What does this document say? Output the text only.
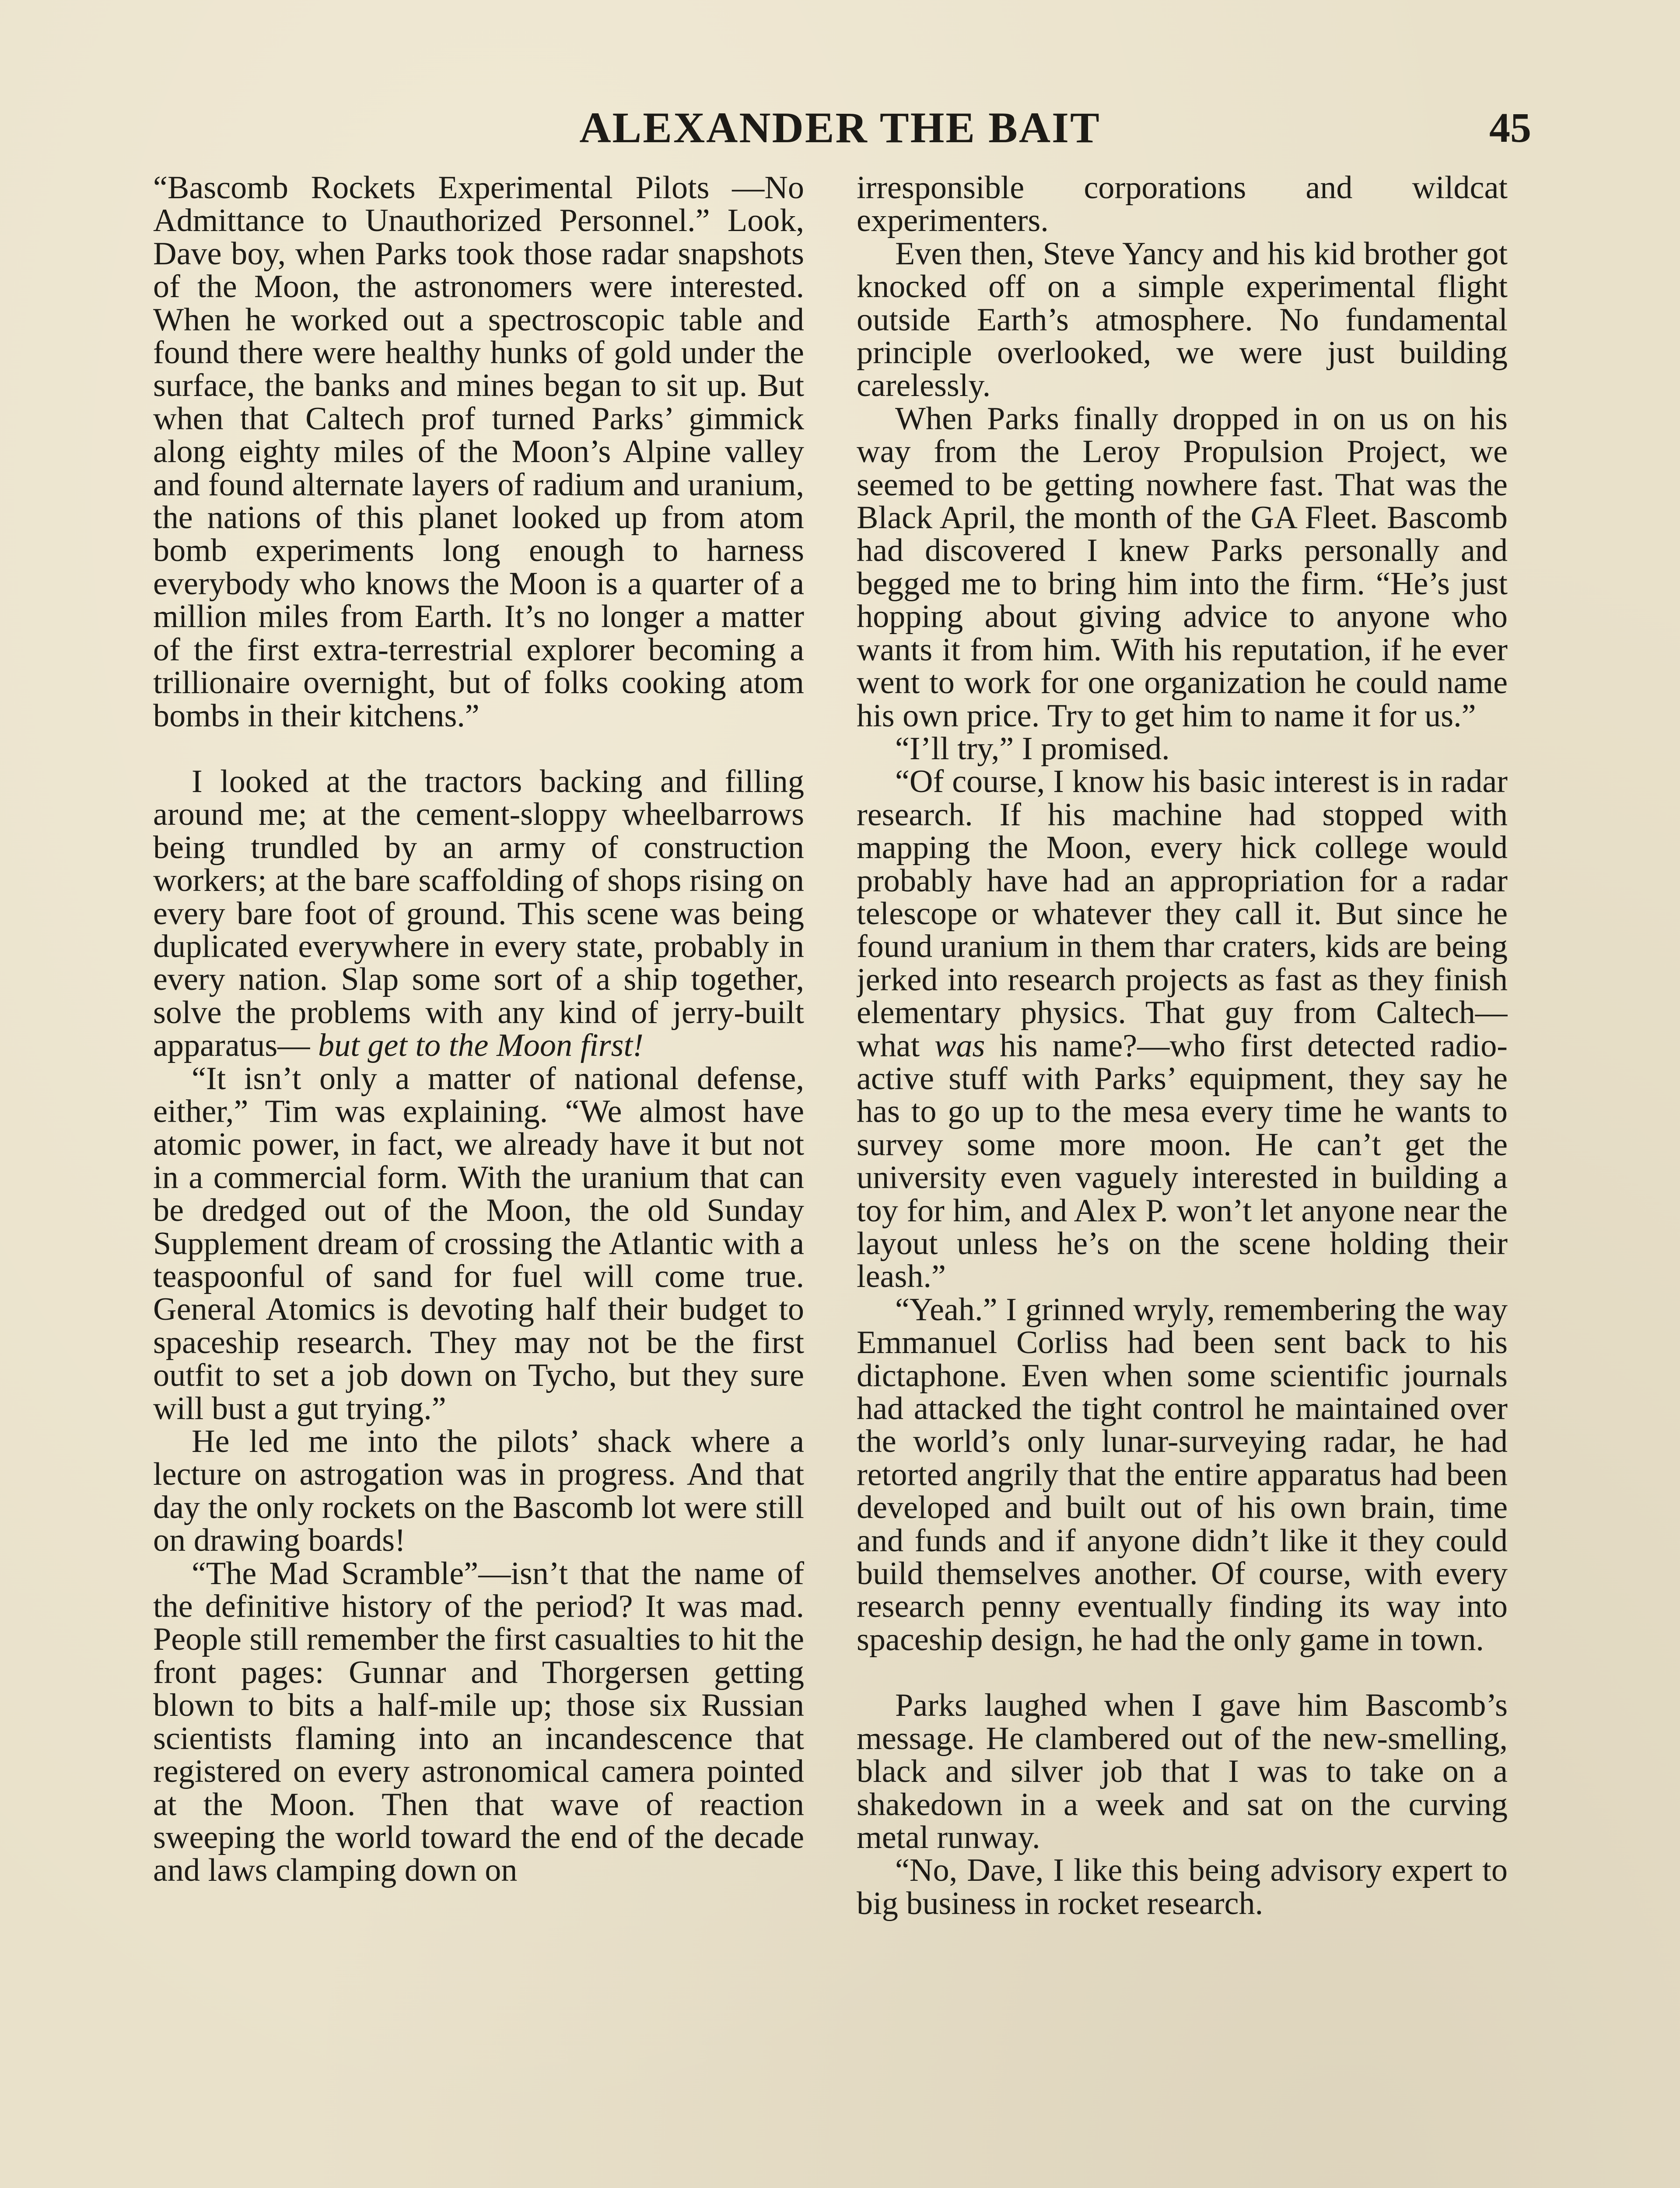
ALEXANDER THE BAIT	45

“Bascomb Rockets Experimental Pilots —No Admittance to Unauthorized Personnel.” Look, Dave boy, when Parks took those radar snapshots of the Moon, the astronomers were interested. When he worked out a spectroscopic table and found there were healthy hunks of gold under the surface, the banks and mines began to sit up. But when that Caltech prof turned Parks’ gimmick along eighty miles of the Moon’s Alpine valley and found alternate layers of radium and uranium, the nations of this planet looked up from atom bomb experiments long enough to harness everybody who knows the Moon is a quarter of a million miles from Earth. It’s no longer a matter of the first extra-terrestrial explorer becoming a trillionaire overnight, but of folks cooking atom bombs in their kitchens.”

I looked at the tractors backing and filling around me; at the cement-sloppy wheelbarrows being trundled by an army of construction workers; at the bare scaffolding of shops rising on every bare foot of ground. This scene was being duplicated everywhere in every state, probably in every nation. Slap some sort of a ship together, solve the problems with any kind of jerry-built apparatus— but get to the Moon first!

“It isn’t only a matter of national defense, either,” Tim was explaining. “We almost have atomic power, in fact, we already have it but not in a commercial form. With the uranium that can be dredged out of the Moon, the old Sunday Supplement dream of crossing the Atlantic with a teaspoonful of sand for fuel will come true. General Atomics is devoting half their budget to spaceship research. They may not be the first outfit to set a job down on Tycho, but they sure will bust a gut trying.”

He led me into the pilots’ shack where a lecture on astrogation was in progress. And that day the only rockets on the Bascomb lot were still on drawing boards!

“The Mad Scramble”—isn’t that the name of the definitive history of the period? It was mad. People still remember the first casualties to hit the front pages: Gunnar and Thorgersen getting blown to bits a half-mile up; those six Russian scientists flaming into an incandescence that registered on every astronomical camera pointed at the Moon. Then that wave of reaction sweeping the world toward the end of the decade and laws clamping down on

irresponsible corporations and wildcat experimenters.

Even then, Steve Yancy and his kid brother got knocked off on a simple experimental flight outside Earth’s atmosphere. No fundamental principle overlooked, we were just building carelessly.

When Parks finally dropped in on us on his way from the Leroy Propulsion Project, we seemed to be getting nowhere fast. That was the Black April, the month of the GA Fleet. Bascomb had discovered I knew Parks personally and begged me to bring him into the firm. “He’s just hopping about giving advice to anyone who wants it from him. With his reputation, if he ever went to work for one organization he could name his own price. Try to get him to name it for us.”

“I’ll try,” I promised.

“Of course, I know his basic interest is in radar research. If his machine had stopped with mapping the Moon, every hick college would probably have had an appropriation for a radar telescope or whatever they call it. But since he found uranium in them thar craters, kids are being jerked into research projects as fast as they finish elementary physics. That guy from Caltech—what was his name?—who first detected radio-active stuff with Parks’ equipment, they say he has to go up to the mesa every time he wants to survey some more moon. He can’t get the university even vaguely interested in building a toy for him, and Alex P. won’t let anyone near the layout unless he’s on the scene holding their leash.”

“Yeah.” I grinned wryly, remembering the way Emmanuel Corliss had been sent back to his dictaphone. Even when some scientific journals had attacked the tight control he maintained over the world’s only lunar-surveying radar, he had retorted angrily that the entire apparatus had been developed and built out of his own brain, time and funds and if anyone didn’t like it they could build themselves another. Of course, with every research penny eventually finding its way into spaceship design, he had the only game in town.

Parks laughed when I gave him Bascomb’s message. He clambered out of the new-smelling, black and silver job that I was to take on a shakedown in a week and sat on the curving metal runway.

“No, Dave, I like this being advisory expert to big business in rocket research.
